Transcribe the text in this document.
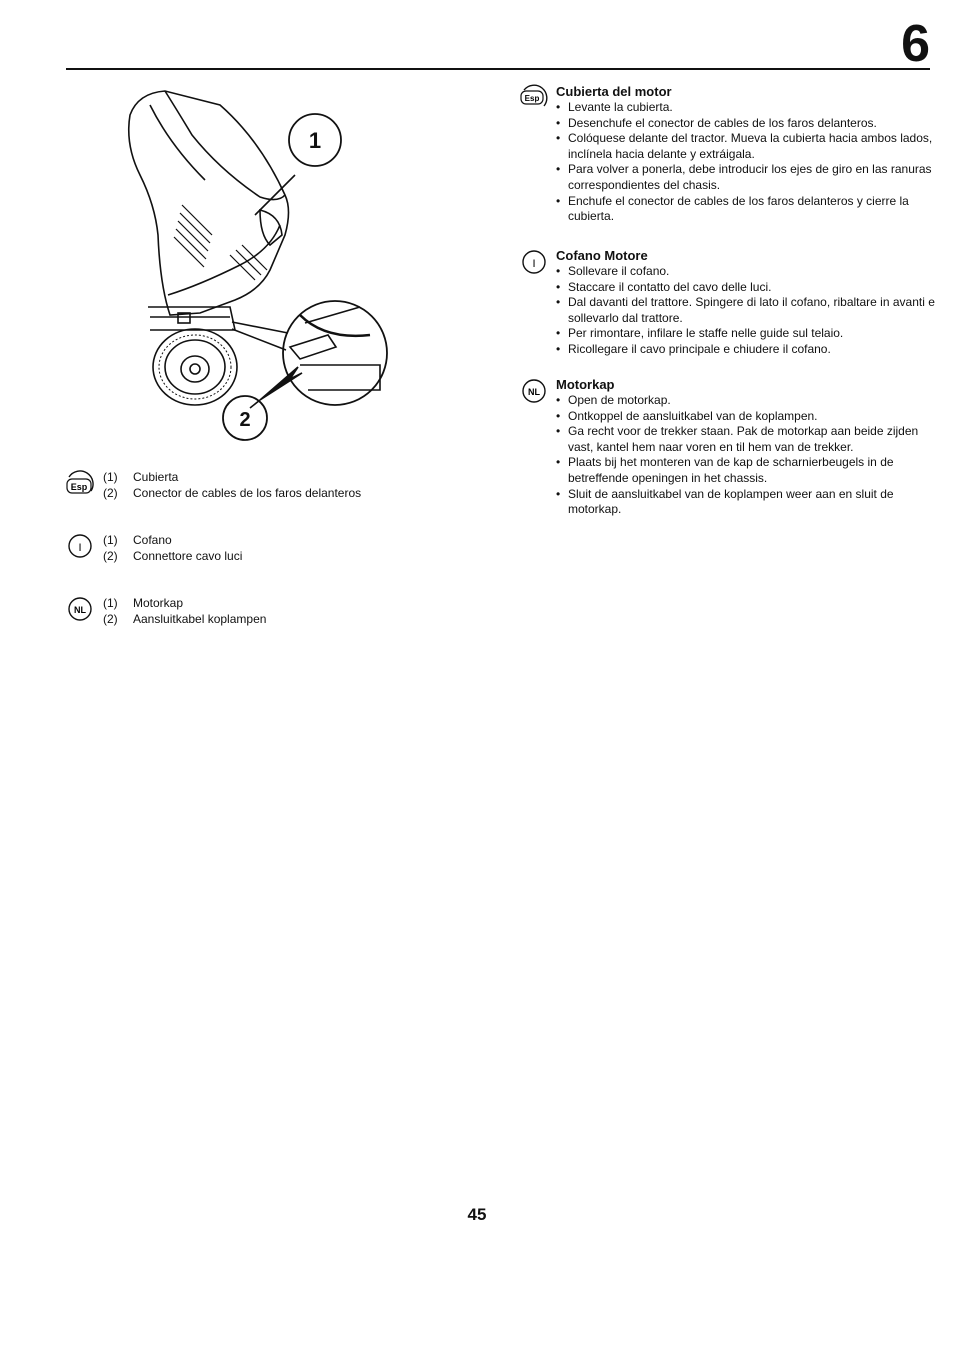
6
1
2
Esp
(1) Cubierta
(2) Conector de cables de los faros delanteros
I
(1) Cofano
(2) Connettore cavo luci
NL (1) Motorkap
(2) Aansluitkabel koplampen
Esp Cubierta del motor
• Levante la cubierta.
• Desenchufe el conector de cables de los faros delanteros.
• Colóquese delante del tractor. Mueva la cubierta hacia ambos lados, inclínela hacia delante y extráigala.
• Para volver a ponerla, debe introducir los ejes de giro en las ranuras correspondientes del chasis.
• Enchufe el conector de cables de los faros delanteros y cierre la cubierta.
I
Cofano Motore
• Sollevare il cofano.
• Staccare il contatto del cavo delle luci.
• Dal davanti del trattore. Spingere di lato il cofano, ribaltare in avanti e sollevarlo dal trattore.
• Per rimontare, infilare le staffe nelle guide sul telaio.
• Ricollegare il cavo principale e chiudere il cofano.
NL Motorkap
• Open de motorkap.
• Ontkoppel de aansluitkabel van de koplampen.
• Ga recht voor de trekker staan. Pak de motorkap aan beide zijden vast, kantel hem naar voren en til hem van de trekker.
• Plaats bij het monteren van de kap de scharnierbeugels in de betreffende openingen in het chassis.
• Sluit de aansluitkabel van de koplampen weer aan en sluit de motorkap.
45
